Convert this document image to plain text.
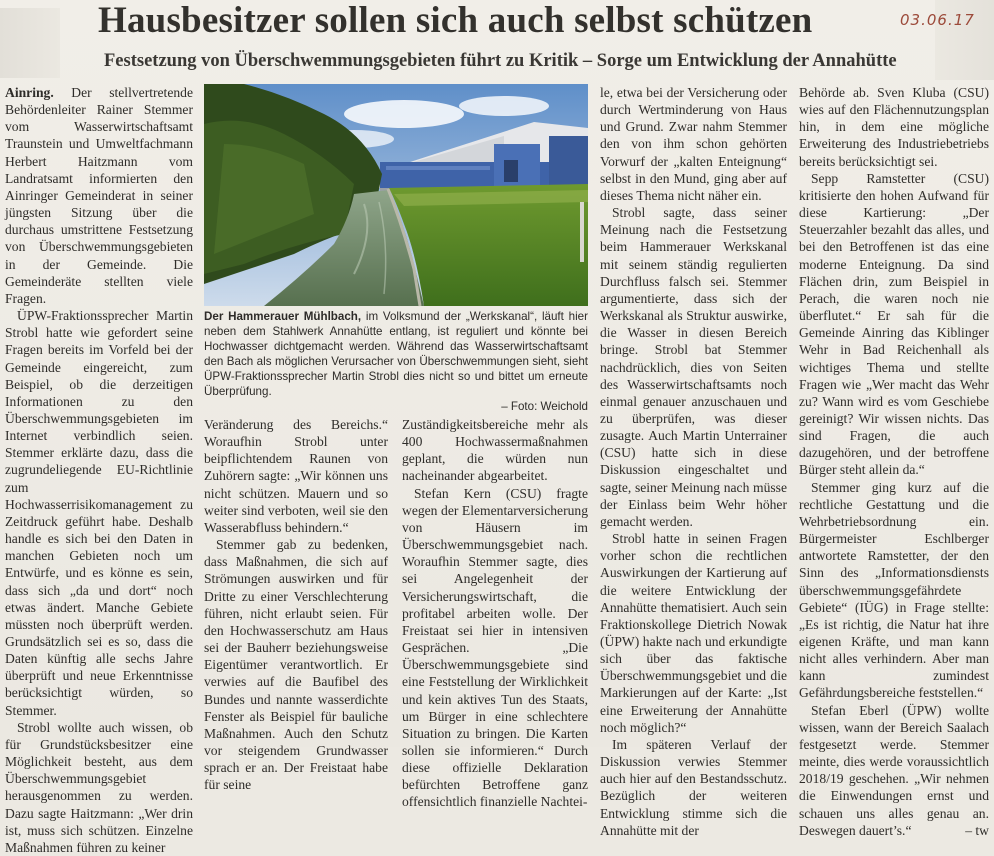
Hausbesitzer sollen sich auch selbst schützen	03.06.17
Festsetzung von Überschwemmungsgebieten führt zu Kritik – Sorge um Entwicklung der Annahütte

Ainring. Der stellvertretende Behördenleiter Rainer Stemmer vom Wasserwirtschaftsamt Traunstein und Umweltfachmann Herbert Haitzmann vom Landratsamt informierten den Ainringer Gemeinderat in seiner jüngsten Sitzung über die durchaus umstrittene Festsetzung von Überschwemmungsgebieten in der Gemeinde. Die Gemeinderäte stellten viele Fragen.

ÜPW-Fraktionssprecher Martin Strobl hatte wie gefordert seine Fragen bereits im Vorfeld bei der Gemeinde eingereicht, zum Beispiel, ob die derzeitigen Informationen zu den Überschwemmungsgebieten im Internet verbindlich seien. Stemmer erklärte dazu, dass die zugrundeliegende EU-Richtlinie zum Hochwasserrisikomanagement zu Zeitdruck geführt habe. Deshalb handle es sich bei den Daten in manchen Gebieten noch um Entwürfe, und es könne es sein, dass sich „da und dort“ noch etwas ändert. Manche Gebiete müssten noch überprüft werden. Grundsätzlich sei es so, dass die Daten künftig alle sechs Jahre überprüft und neue Erkenntnisse berücksichtigt würden, so Stemmer.

Strobl wollte auch wissen, ob für Grundstücksbesitzer eine Möglichkeit besteht, aus dem Überschwemmungsgebiet herausgenommen zu werden. Dazu sagte Haitzmann: „Wer drin ist, muss sich schützen. Einzelne Maßnahmen führen zu keiner

Der Hammerauer Mühlbach, im Volksmund der „Werkskanal“, läuft hier neben dem Stahlwerk Annahütte entlang, ist reguliert und könnte bei Hochwasser dichtgemacht werden. Während das Wasserwirtschaftsamt den Bach als möglichen Verursacher von Überschwemmungen sieht, sieht ÜPW-Fraktionssprecher Martin Strobl dies nicht so und bittet um erneute Überprüfung.
– Foto: Weichold

Veränderung des Bereichs.“ Woraufhin Strobl unter beipflichtendem Raunen von Zuhörern sagte: „Wir können uns nicht schützen. Mauern und so weiter sind verboten, weil sie den Wasserabfluss behindern.“

Stemmer gab zu bedenken, dass Maßnahmen, die sich auf Strömungen auswirken und für Dritte zu einer Verschlechterung führen, nicht erlaubt seien. Für den Hochwasserschutz am Haus sei der Bauherr beziehungsweise Eigentümer verantwortlich. Er verwies auf die Baufibel des Bundes und nannte wasserdichte Fenster als Beispiel für bauliche Maßnahmen. Auch den Schutz vor steigendem Grundwasser sprach er an. Der Freistaat habe für seine

Zuständigkeitsbereiche mehr als 400 Hochwassermaßnahmen geplant, die würden nun nacheinander abgearbeitet.

Stefan Kern (CSU) fragte wegen der Elementarversicherung von Häusern im Überschwemmungsgebiet nach. Woraufhin Stemmer sagte, dies sei Angelegenheit der Versicherungswirtschaft, die profitabel arbeiten wolle. Der Freistaat sei hier in intensiven Gesprächen. „Die Überschwemmungsgebiete sind eine Feststellung der Wirklichkeit und kein aktives Tun des Staats, um Bürger in eine schlechtere Situation zu bringen. Die Karten sollen sie informieren.“ Durch diese offizielle Deklaration befürchten Betroffene ganz offensichtlich finanzielle Nachtei-

le, etwa bei der Versicherung oder durch Wertminderung von Haus und Grund. Zwar nahm Stemmer den von ihm schon gehörten Vorwurf der „kalten Enteignung“ selbst in den Mund, ging aber auf dieses Thema nicht näher ein.

Strobl sagte, dass seiner Meinung nach die Festsetzung beim Hammerauer Werkskanal mit seinem ständig regulierten Durchfluss falsch sei. Stemmer argumentierte, dass sich der Werkskanal als Struktur auswirke, die Wasser in diesen Bereich bringe. Strobl bat Stemmer nachdrücklich, dies von Seiten des Wasserwirtschaftsamts noch einmal genauer anzuschauen und zu überprüfen, was dieser zusagte. Auch Martin Unterrainer (CSU) hatte sich in diese Diskussion eingeschaltet und sagte, seiner Meinung nach müsse der Einlass beim Wehr höher gemacht werden.

Strobl hatte in seinen Fragen vorher schon die rechtlichen Auswirkungen der Kartierung auf die weitere Entwicklung der Annahütte thematisiert. Auch sein Fraktionskollege Dietrich Nowak (ÜPW) hakte nach und erkundigte sich über das faktische Überschwemmungsgebiet und die Markierungen auf der Karte: „Ist eine Erweiterung der Annahütte noch möglich?“

Im späteren Verlauf der Diskussion verwies Stemmer auch hier auf den Bestandsschutz. Bezüglich der weiteren Entwicklung stimme sich die Annahütte mit der

Behörde ab. Sven Kluba (CSU) wies auf den Flächennutzungsplan hin, in dem eine mögliche Erweiterung des Industriebetriebs bereits berücksichtigt sei.

Sepp Ramstetter (CSU) kritisierte den hohen Aufwand für diese Kartierung: „Der Steuerzahler bezahlt das alles, und bei den Betroffenen ist das eine moderne Enteignung. Da sind Flächen drin, zum Beispiel in Perach, die waren noch nie überflutet.“ Er sah für die Gemeinde Ainring das Kiblinger Wehr in Bad Reichenhall als wichtiges Thema und stellte Fragen wie „Wer macht das Wehr zu? Wann wird es vom Geschiebe gereinigt? Wir wissen nichts. Das sind Fragen, die auch dazugehören, und der betroffene Bürger steht allein da.“

Stemmer ging kurz auf die rechtliche Gestattung und die Wehrbetriebsordnung ein. Bürgermeister Eschlberger antwortete Ramstetter, der den Sinn des „Informationsdiensts überschwemmungsgefährdete Gebiete“ (IÜG) in Frage stellte: „Es ist richtig, die Natur hat ihre eigenen Kräfte, und man kann nicht alles verhindern. Aber man kann zumindest Gefährdungsbereiche feststellen.“

Stefan Eberl (ÜPW) wollte wissen, wann der Bereich Saalach festgesetzt werde. Stemmer meinte, dies werde voraussichtlich 2018/19 geschehen. „Wir nehmen die Einwendungen ernst und schauen uns alles genau an. Deswegen dauert’s.“	– tw
